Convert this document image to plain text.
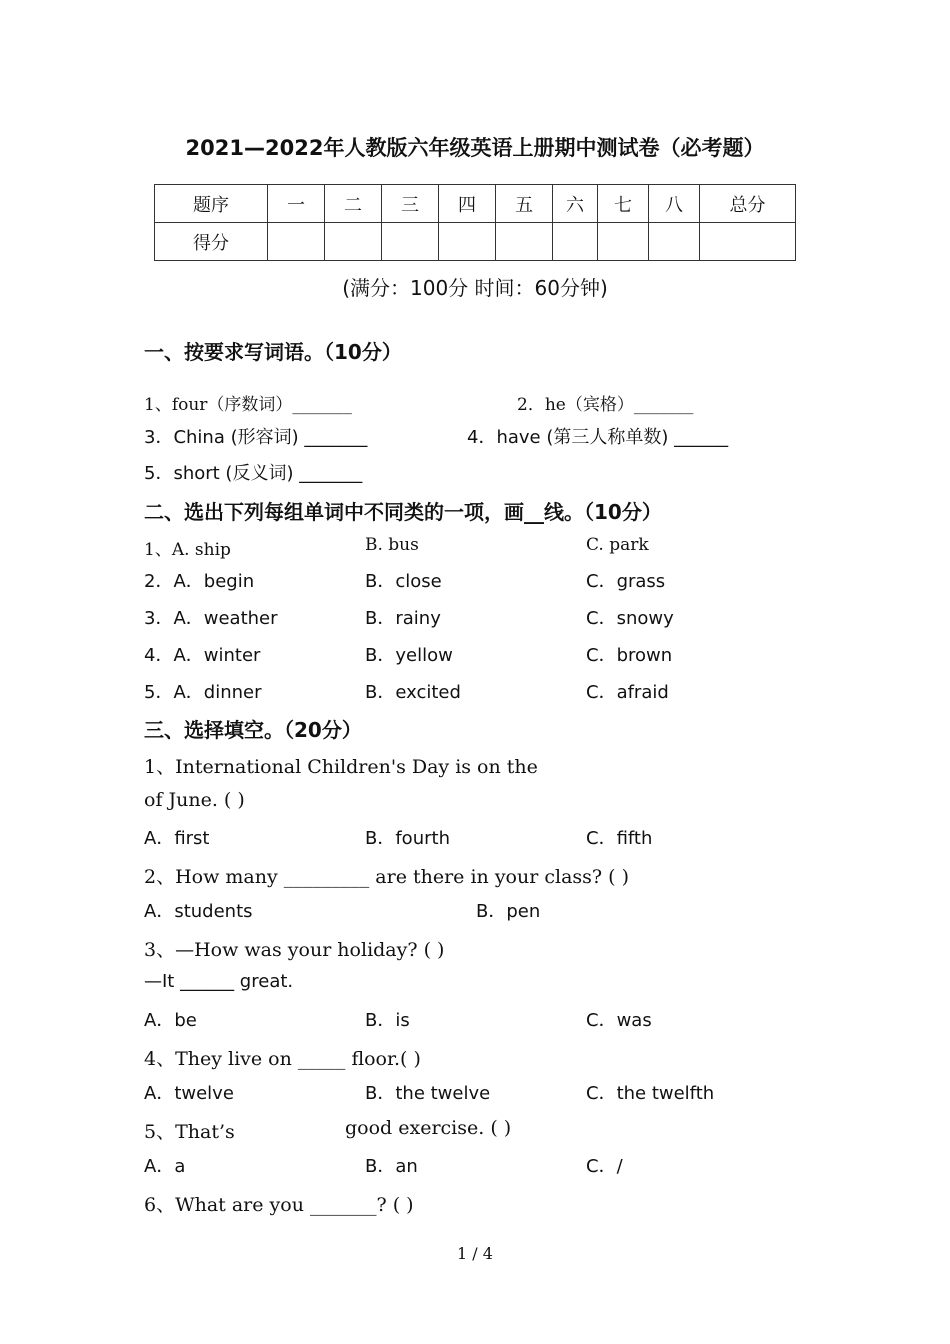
2021—2022年人教版六年级英语上册期中测试卷（必考题）
题序	一	二	三	四	五	六	七	八	总分
得分									
(满分：100分 时间：60分钟)
一、按要求写词语。（10分）
1、four（序数词）_______	2．he（宾格）_______
3．China (形容词) _______	4．have (第三人称单数) ______
5．short (反义词) _______
二、选出下列每组单词中不同类的一项，画__线。（10分）
1、A. ship	B. bus	C. park
2．A．begin	B．close	C．grass
3．A．weather	B．rainy	C．snowy
4．A．winter	B．yellow	C．brown
5．A．dinner	B．excited	C．afraid
三、选择填空。（20分）
1、International Children's Day is on the
of June. ( )
A．first	B．fourth	C．fifth
2、How many _________ are there in your class? ( )
A．students	B．pen
3、—How was your holiday? ( )
—It ______ great.
A．be	B．is	C．was
4、They live on _____ floor.( )
A．twelve	B．the twelve	C．the twelfth
5、That’s	good exercise. ( )
A．a	B．an	C．/
6、What are you _______? ( )
1 / 4
